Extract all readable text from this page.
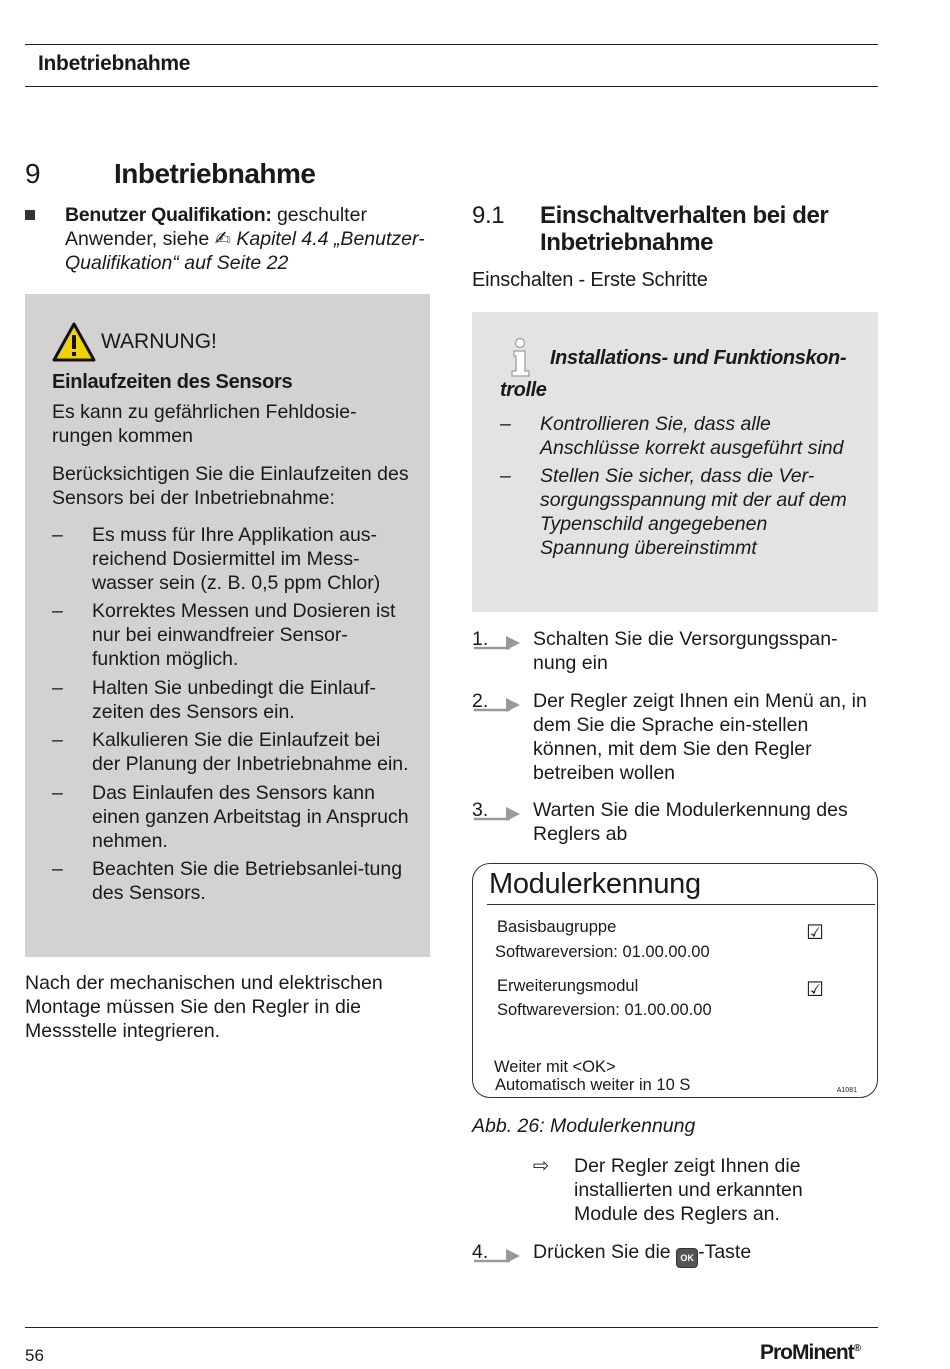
Inbetriebnahme
9	Inbetriebnahme
Benutzer Qualifikation: geschulter Anwender, siehe ✍ Kapitel 4.4 „Benutzer-Qualifikation“ auf Seite 22
WARNUNG!
Einlaufzeiten des Sensors
Es kann zu gefährlichen Fehldosie-rungen kommen
Berücksichtigen Sie die Einlaufzeiten des Sensors bei der Inbetriebnahme:
– Es muss für Ihre Applikation aus-reichend Dosiermittel im Mess-wasser sein (z. B. 0,5 ppm Chlor)
– Korrektes Messen und Dosieren ist nur bei einwandfreier Sensor-funktion möglich.
– Halten Sie unbedingt die Einlauf-zeiten des Sensors ein.
– Kalkulieren Sie die Einlaufzeit bei der Planung der Inbetriebnahme ein.
– Das Einlaufen des Sensors kann einen ganzen Arbeitstag in Anspruch nehmen.
– Beachten Sie die Betriebsanlei-tung des Sensors.
Nach der mechanischen und elektrischen Montage müssen Sie den Regler in die Messstelle integrieren.
9.1	Einschaltverhalten bei der Inbetriebnahme
Einschalten - Erste Schritte
Installations- und Funktionskon-trolle
– Kontrollieren Sie, dass alle Anschlüsse korrekt ausgeführt sind
– Stellen Sie sicher, dass die Ver-sorgungsspannung mit der auf dem Typenschild angegebenen Spannung übereinstimmt
1. Schalten Sie die Versorgungsspan-nung ein
2. Der Regler zeigt Ihnen ein Menü an, in dem Sie die Sprache ein-stellen können, mit dem Sie den Regler betreiben wollen
3. Warten Sie die Modulerkennung des Reglers ab
Modulerkennung
Basisbaugruppe
Softwareversion: 01.00.00.00
☑
Erweiterungsmodul
Softwareversion: 01.00.00.00
☑
Weiter mit <OK>
Automatisch weiter in 10 S	A1081
Abb. 26: Modulerkennung
⇨ Der Regler zeigt Ihnen die installierten und erkannten Module des Reglers an.
4. Drücken Sie die OK -Taste
56	ProMinent®
